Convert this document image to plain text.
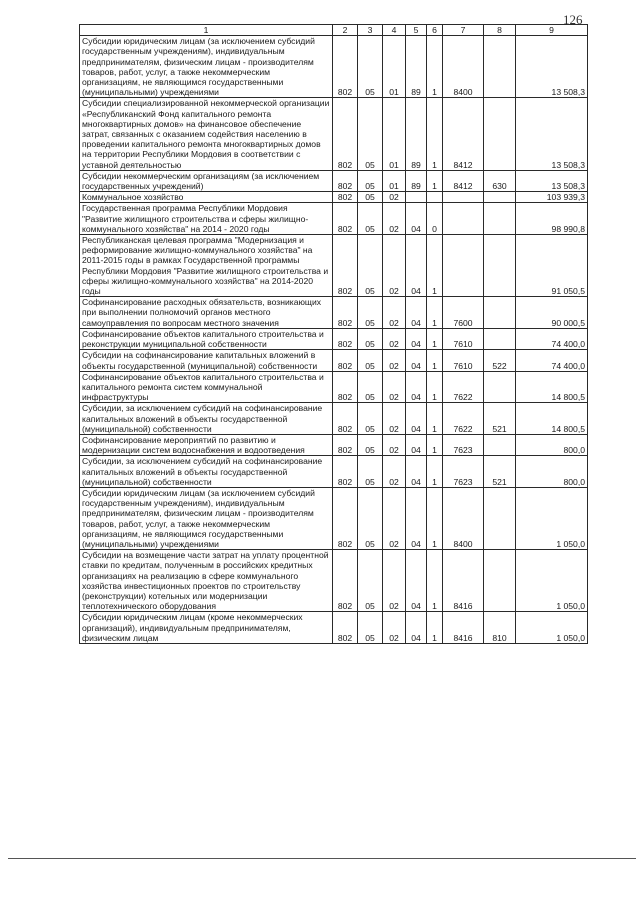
126
1	2	3	4	5	6	7	8	9
Субсидии юридическим лицам (за исключением субсидий государственным учреждениям), индивидуальным предпринимателям, физическим лицам - производителям товаров, работ, услуг, а также некоммерческим организациям, не являющимся государственными (муниципальными) учреждениями	802	05	01	89	1	8400		13 508,3
Субсидии специализированной некоммерческой организации «Республиканский Фонд капитального ремонта многоквартирных домов» на финансовое обеспечение затрат, связанных с оказанием содействия населению в проведении капитального ремонта многоквартирных домов на территории Республики Мордовия в соответствии с уставной деятельностью	802	05	01	89	1	8412		13 508,3
Субсидии некоммерческим организациям (за исключением государственных учреждений)	802	05	01	89	1	8412	630	13 508,3
Коммунальное хозяйство	802	05	02					103 939,3
Государственная программа Республики Мордовия "Развитие жилищного строительства и сферы жилищно-коммунального хозяйства" на 2014 - 2020 годы	802	05	02	04	0			98 990,8
Республиканская целевая программа "Модернизация и реформирование жилищно-коммунального хозяйства" на 2011-2015 годы в рамках Государственной программы Республики Мордовия "Развитие жилищного строительства и сферы жилищно-коммунального хозяйства" на 2014-2020 годы	802	05	02	04	1			91 050,5
Софинансирование расходных обязательств, возникающих при выполнении полномочий органов местного самоуправления по вопросам местного значения	802	05	02	04	1	7600		90 000,5
Софинансирование объектов капитального строительства и реконструкции муниципальной собственности	802	05	02	04	1	7610		74 400,0
Субсидии на софинансирование капитальных вложений в объекты государственной (муниципальной) собственности	802	05	02	04	1	7610	522	74 400,0
Софинансирование объектов капитального строительства и капитального ремонта систем коммунальной инфраструктуры	802	05	02	04	1	7622		14 800,5
Субсидии, за исключением субсидий на софинансирование капитальных вложений в объекты государственной (муниципальной) собственности	802	05	02	04	1	7622	521	14 800,5
Софинансирование мероприятий по развитию и модернизации систем водоснабжения и водоотведения	802	05	02	04	1	7623		800,0
Субсидии, за исключением субсидий на софинансирование капитальных вложений в объекты государственной (муниципальной) собственности	802	05	02	04	1	7623	521	800,0
Субсидии юридическим лицам (за исключением субсидий государственным учреждениям), индивидуальным предпринимателям, физическим лицам - производителям товаров, работ, услуг, а также некоммерческим организациям, не являющимся государственными (муниципальными) учреждениями	802	05	02	04	1	8400		1 050,0
Субсидии на возмещение части затрат на уплату процентной ставки по кредитам, полученным в российских кредитных организациях на реализацию в сфере коммунального хозяйства инвестиционных проектов по строительству (реконструкции) котельных или модернизации теплотехнического оборудования	802	05	02	04	1	8416		1 050,0
Субсидии юридическим лицам (кроме некоммерческих организаций), индивидуальным предпринимателям, физическим лицам	802	05	02	04	1	8416	810	1 050,0
